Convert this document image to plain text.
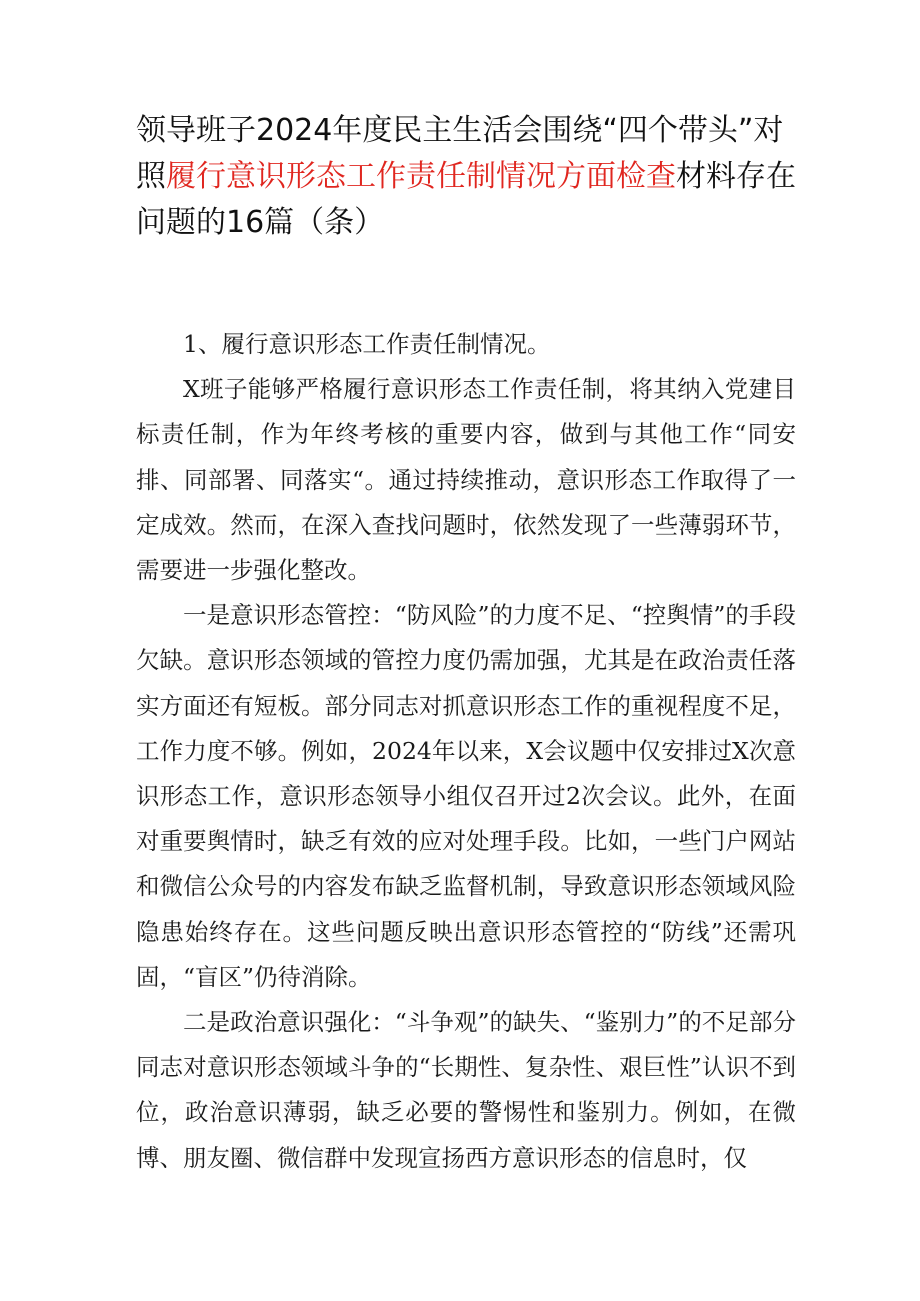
领导班子2024年度民主生活会围绕“四个带头”对照履行意识形态工作责任制情况方面检查材料存在问题的16篇（条）

1、履行意识形态工作责任制情况。

X班子能够严格履行意识形态工作责任制，将其纳入党建目标责任制，作为年终考核的重要内容，做到与其他工作“同安排、同部署、同落实“。通过持续推动，意识形态工作取得了一定成效。然而，在深入查找问题时，依然发现了一些薄弱环节，需要进一步强化整改。

一是意识形态管控：“防风险”的力度不足、“控舆情”的手段欠缺。意识形态领域的管控力度仍需加强，尤其是在政治责任落实方面还有短板。部分同志对抓意识形态工作的重视程度不足，工作力度不够。例如，2024年以来，X会议题中仅安排过X次意识形态工作，意识形态领导小组仅召开过2次会议。此外，在面对重要舆情时，缺乏有效的应对处理手段。比如，一些门户网站和微信公众号的内容发布缺乏监督机制，导致意识形态领域风险隐患始终存在。这些问题反映出意识形态管控的“防线”还需巩固，“盲区”仍待消除。

二是政治意识强化：“斗争观”的缺失、“鉴别力”的不足部分同志对意识形态领域斗争的“长期性、复杂性、艰巨性”认识不到位，政治意识薄弱，缺乏必要的警惕性和鉴别力。例如，在微博、朋友圈、微信群中发现宣扬西方意识形态的信息时，仅
